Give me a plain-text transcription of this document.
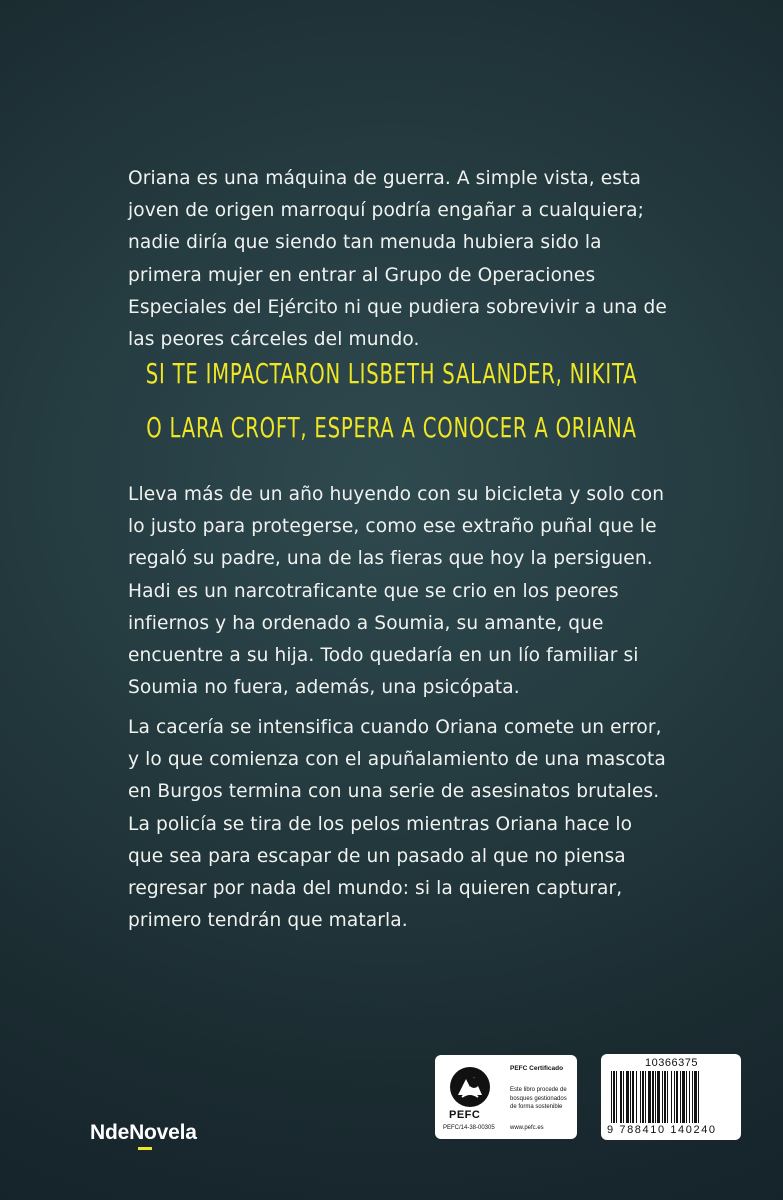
Oriana es una máquina de guerra. A simple vista, esta joven de origen marroquí podría engañar a cualquiera; nadie diría que siendo tan menuda hubiera sido la primera mujer en entrar al Grupo de Operaciones Especiales del Ejército ni que pudiera sobrevivir a una de las peores cárceles del mundo.

SI TE IMPACTARON LISBETH SALANDER, NIKITA
O LARA CROFT, ESPERA A CONOCER A ORIANA

Lleva más de un año huyendo con su bicicleta y solo con lo justo para protegerse, como ese extraño puñal que le regaló su padre, una de las fieras que hoy la persiguen. Hadi es un narcotraficante que se crio en los peores infiernos y ha ordenado a Soumia, su amante, que encuentre a su hija. Todo quedaría en un lío familiar si Soumia no fuera, además, una psicópata.

La cacería se intensifica cuando Oriana comete un error, y lo que comienza con el apuñalamiento de una mascota en Burgos termina con una serie de asesinatos brutales. La policía se tira de los pelos mientras Oriana hace lo que sea para escapar de un pasado al que no piensa regresar por nada del mundo: si la quieren capturar, primero tendrán que matarla.

NdeNovela
PEFC
PEFC/14-38-00305
PEFC Certificado
Este libro procede de bosques gestionados de forma sostenible
www.pefc.es
10366375
9 788410 140240
